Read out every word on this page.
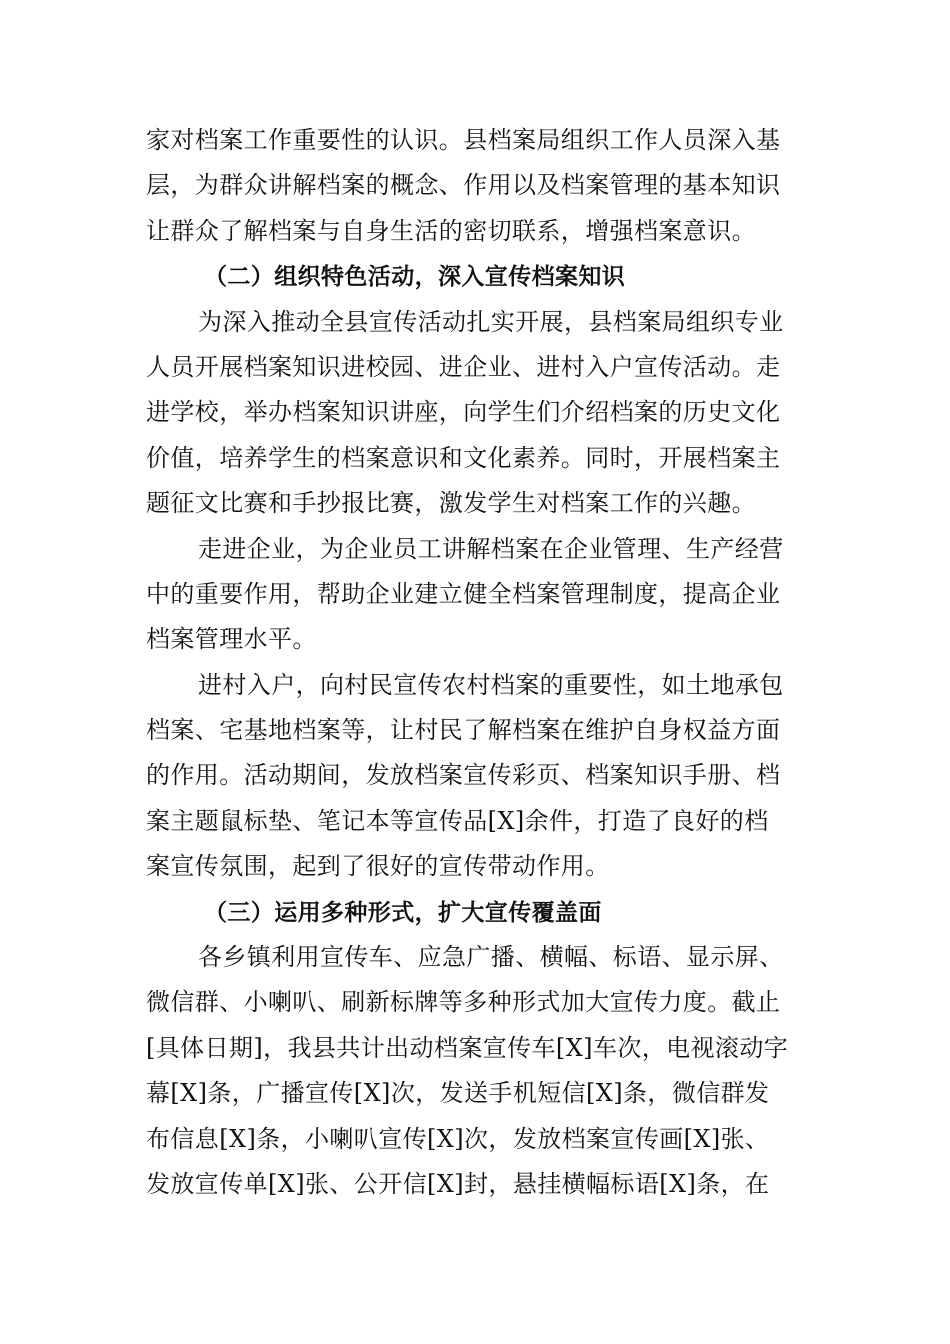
家对档案工作重要性的认识。县档案局组织工作人员深入基
层，为群众讲解档案的概念、作用以及档案管理的基本知识
让群众了解档案与自身生活的密切联系，增强档案意识。
（二）组织特色活动，深入宣传档案知识
为深入推动全县宣传活动扎实开展，县档案局组织专业
人员开展档案知识进校园、进企业、进村入户宣传活动。走
进学校，举办档案知识讲座，向学生们介绍档案的历史文化
价值，培养学生的档案意识和文化素养。同时，开展档案主
题征文比赛和手抄报比赛，激发学生对档案工作的兴趣。
走进企业，为企业员工讲解档案在企业管理、生产经营
中的重要作用，帮助企业建立健全档案管理制度，提高企业
档案管理水平。
进村入户，向村民宣传农村档案的重要性，如土地承包
档案、宅基地档案等，让村民了解档案在维护自身权益方面
的作用。活动期间，发放档案宣传彩页、档案知识手册、档
案主题鼠标垫、笔记本等宣传品[X]余件，打造了良好的档
案宣传氛围，起到了很好的宣传带动作用。
（三）运用多种形式，扩大宣传覆盖面
各乡镇利用宣传车、应急广播、横幅、标语、显示屏、
微信群、小喇叭、刷新标牌等多种形式加大宣传力度。截止
[具体日期]，我县共计出动档案宣传车[X]车次，电视滚动字
幕[X]条，广播宣传[X]次，发送手机短信[X]条，微信群发
布信息[X]条，小喇叭宣传[X]次，发放档案宣传画[X]张、
发放宣传单[X]张、公开信[X]封，悬挂横幅标语[X]条，在
